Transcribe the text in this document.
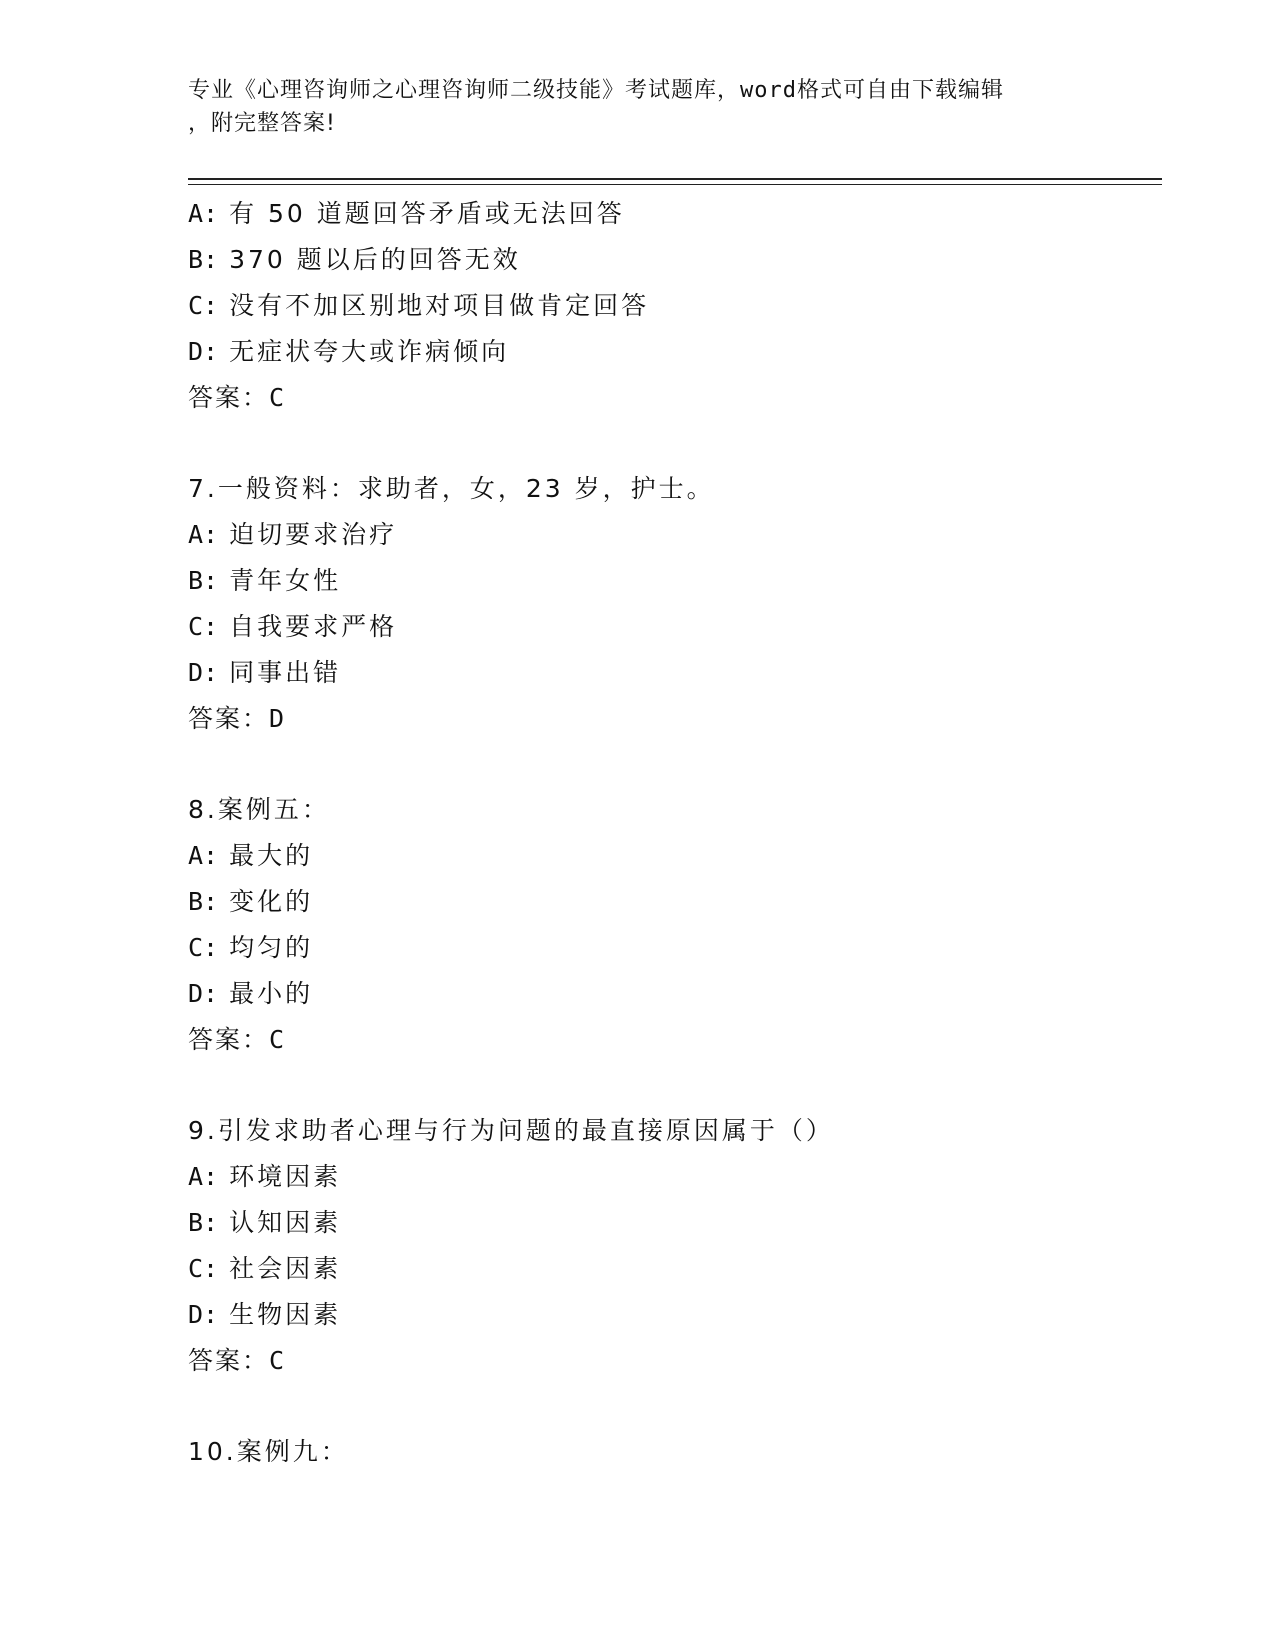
专业《心理咨询师之心理咨询师二级技能》考试题库，word格式可自由下载编辑
，附完整答案!
A: 有 50 道题回答矛盾或无法回答
B: 370 题以后的回答无效
C: 没有不加区别地对项目做肯定回答
D: 无症状夸大或诈病倾向
答案：C
7.一般资料：求助者，女，23 岁，护士。
A: 迫切要求治疗
B: 青年女性
C: 自我要求严格
D: 同事出错
答案：D
8.案例五：
A: 最大的
B: 变化的
C: 均匀的
D: 最小的
答案：C
9.引发求助者心理与行为问题的最直接原因属于（）
A: 环境因素
B: 认知因素
C: 社会因素
D: 生物因素
答案：C
10.案例九：
